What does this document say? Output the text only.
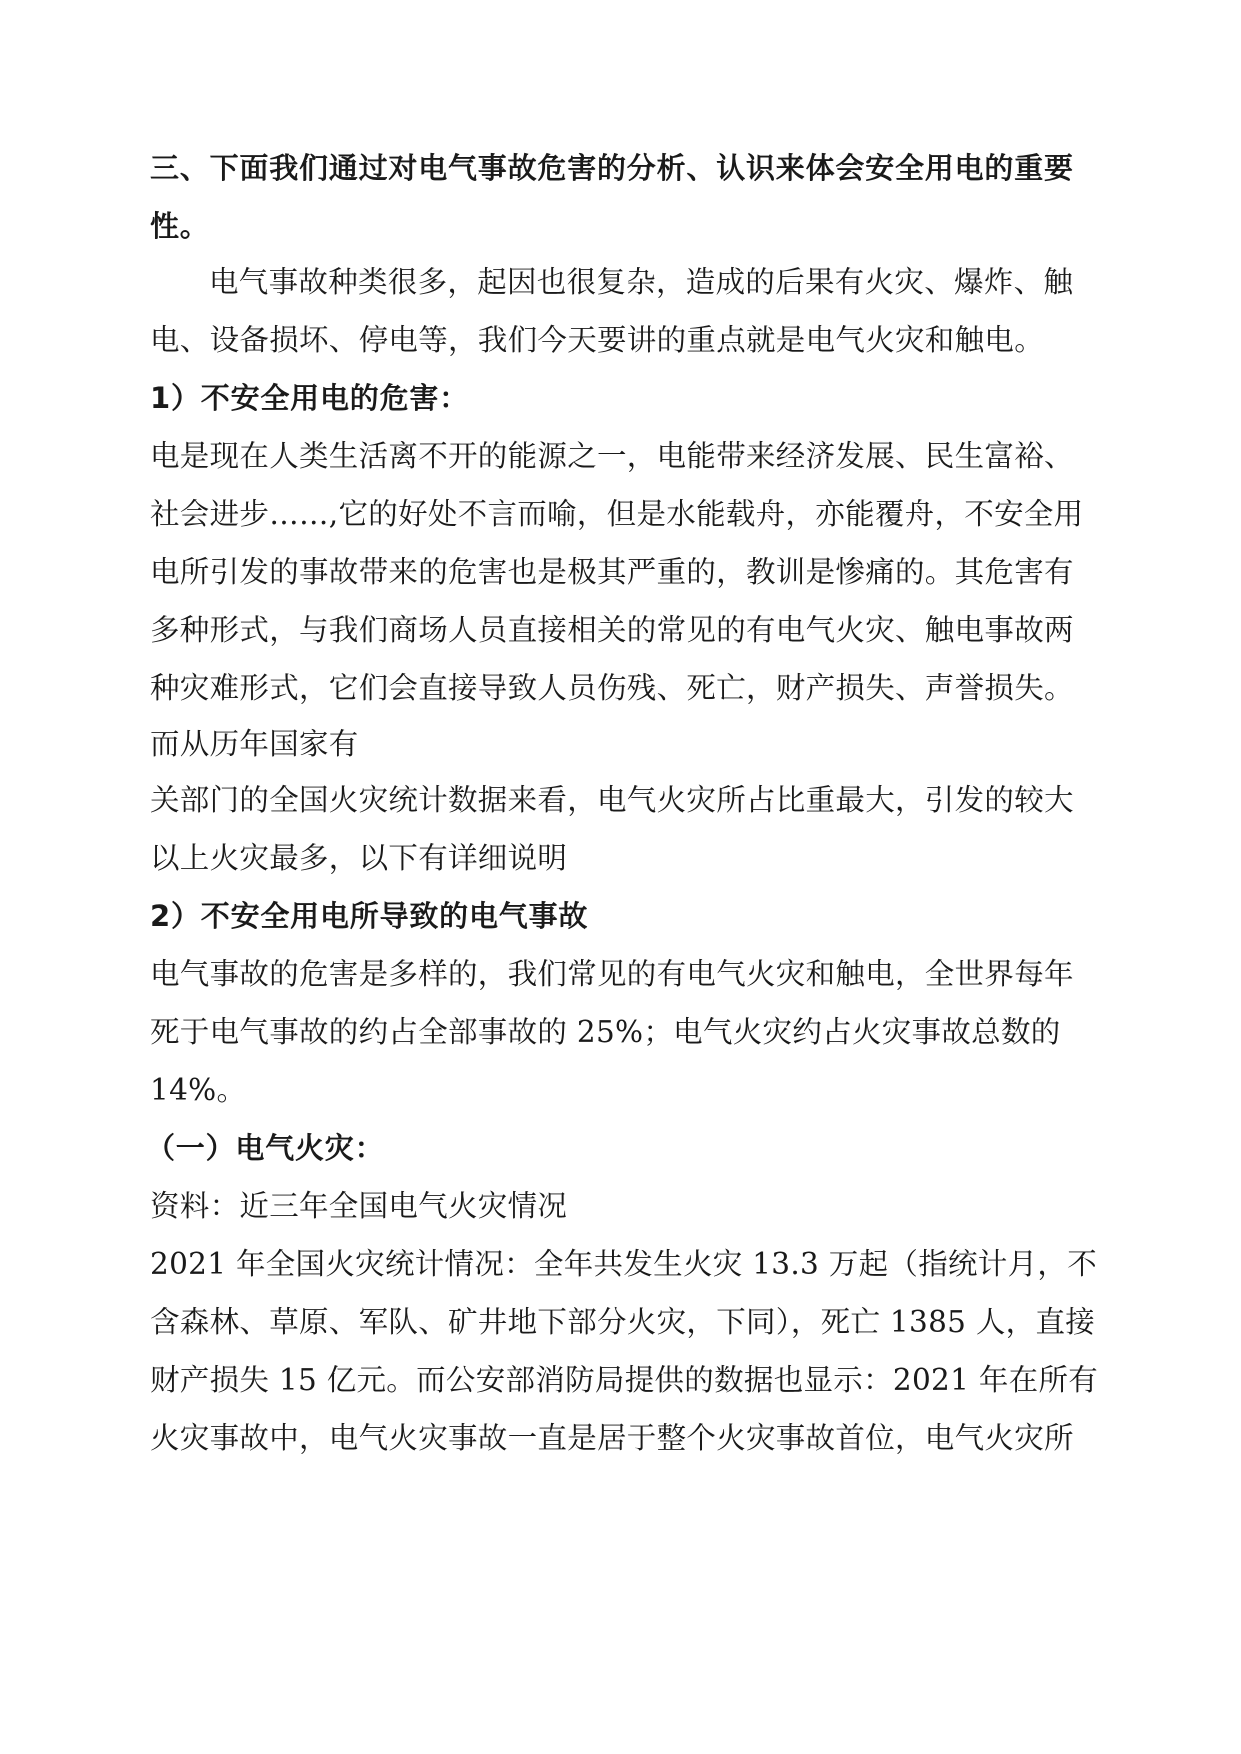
三、下面我们通过对电气事故危害的分析、认识来体会安全用电的重要

性。

电气事故种类很多，起因也很复杂，造成的后果有火灾、爆炸、触

电、设备损坏、停电等，我们今天要讲的重点就是电气火灾和触电。

1）不安全用电的危害：

电是现在人类生活离不开的能源之一，电能带来经济发展、民生富裕、

社会进步……,它的好处不言而喻，但是水能载舟，亦能覆舟，不安全用

电所引发的事故带来的危害也是极其严重的，教训是惨痛的。其危害有

多种形式，与我们商场人员直接相关的常见的有电气火灾、触电事故两

种灾难形式，它们会直接导致人员伤残、死亡，财产损失、声誉损失。

而从历年国家有

关部门的全国火灾统计数据来看，电气火灾所占比重最大，引发的较大

以上火灾最多，以下有详细说明

2）不安全用电所导致的电气事故

电气事故的危害是多样的，我们常见的有电气火灾和触电，全世界每年

死于电气事故的约占全部事故的 25%；电气火灾约占火灾事故总数的

14%。

（一）电气火灾：

资料：近三年全国电气火灾情况

2021 年全国火灾统计情况：全年共发生火灾 13.3 万起（指统计月，不

含森林、草原、军队、矿井地下部分火灾，下同），死亡 1385 人，直接

财产损失 15 亿元。而公安部消防局提供的数据也显示：2021 年在所有

火灾事故中，电气火灾事故一直是居于整个火灾事故首位，电气火灾所
